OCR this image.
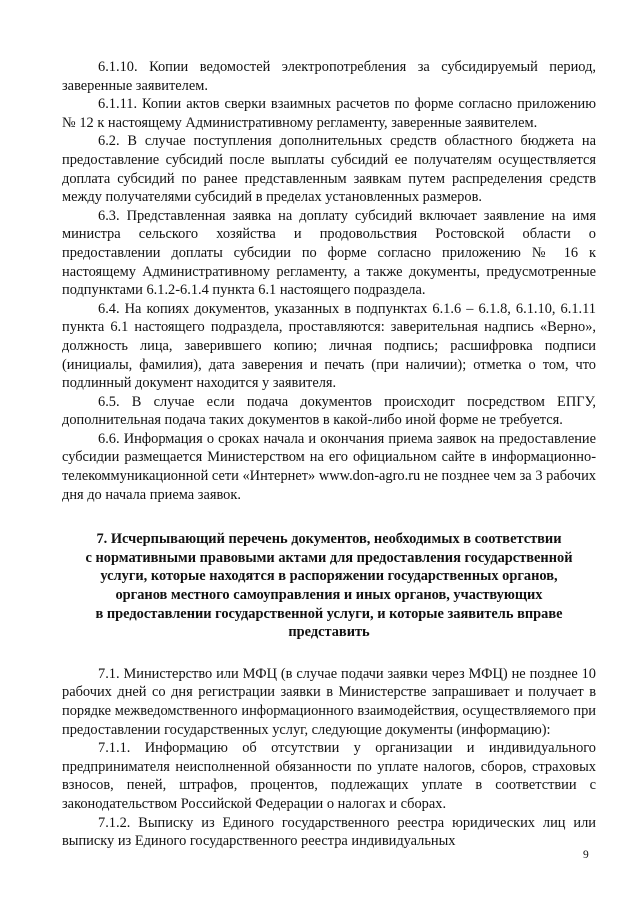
6.1.10. Копии ведомостей электропотребления за субсидируемый период, заверенные заявителем.

6.1.11. Копии актов сверки взаимных расчетов по форме согласно приложению № 12 к настоящему Административному регламенту, заверенные заявителем.

6.2. В случае поступления дополнительных средств областного бюджета на предоставление субсидий после выплаты субсидий ее получателям осуществляется доплата субсидий по ранее представленным заявкам путем распределения средств между получателями субсидий в пределах установленных размеров.

6.3. Представленная заявка на доплату субсидий включает заявление на имя министра сельского хозяйства и продовольствия Ростовской области о предоставлении доплаты субсидии по форме согласно приложению № 16 к настоящему Административному регламенту, а также документы, предусмотренные подпунктами 6.1.2-6.1.4 пункта 6.1 настоящего подраздела.

6.4. На копиях документов, указанных в подпунктах 6.1.6 – 6.1.8, 6.1.10, 6.1.11 пункта 6.1 настоящего подраздела, проставляются: заверительная надпись «Верно», должность лица, заверившего копию; личная подпись; расшифровка подписи (инициалы, фамилия), дата заверения и печать (при наличии); отметка о том, что подлинный документ находится у заявителя.

6.5. В случае если подача документов происходит посредством ЕПГУ, дополнительная подача таких документов в какой-либо иной форме не требуется.

6.6. Информация о сроках начала и окончания приема заявок на предоставление субсидии размещается Министерством на его официальном сайте в информационно-телекоммуникационной сети «Интернет» www.don-agro.ru не позднее чем за 3 рабочих дня до начала приема заявок.

7. Исчерпывающий перечень документов, необходимых в соответствии
с нормативными правовыми актами для предоставления государственной
услуги, которые находятся в распоряжении государственных органов,
органов местного самоуправления и иных органов, участвующих
в предоставлении государственной услуги, и которые заявитель вправе
представить

7.1. Министерство или МФЦ (в случае подачи заявки через МФЦ) не позднее 10 рабочих дней со дня регистрации заявки в Министерстве запрашивает и получает в порядке межведомственного информационного взаимодействия, осуществляемого при предоставлении государственных услуг, следующие документы (информацию):

7.1.1. Информацию об отсутствии у организации и индивидуального предпринимателя неисполненной обязанности по уплате налогов, сборов, страховых взносов, пеней, штрафов, процентов, подлежащих уплате в соответствии с законодательством Российской Федерации о налогах и сборах.

7.1.2. Выписку из Единого государственного реестра юридических лиц или выписку из Единого государственного реестра индивидуальных

9
